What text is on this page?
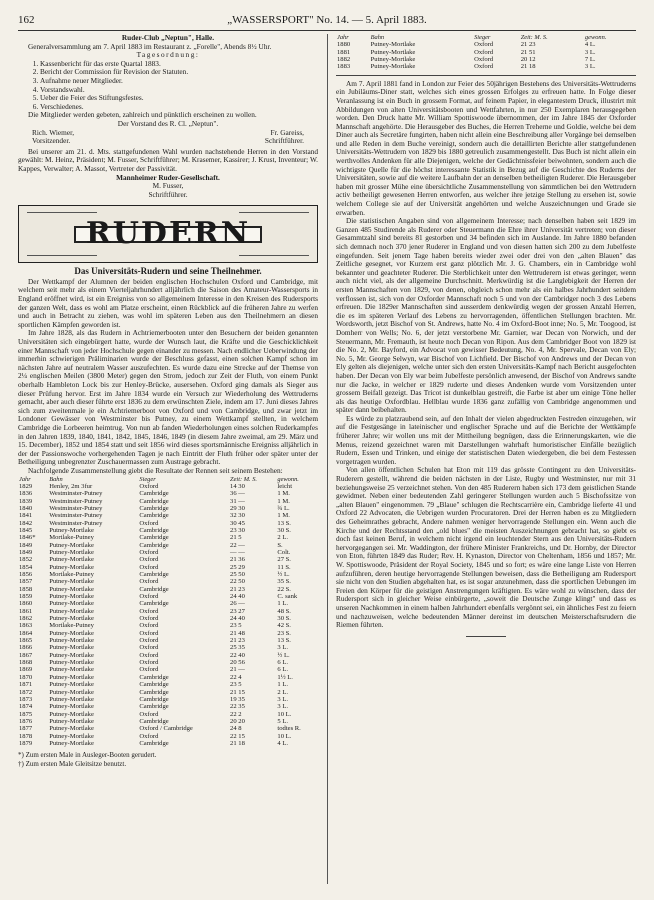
162	„WASSERSPORT" No. 14. — 5. April 1883.
Ruder-Club „Neptun", Halle.

Generalversammlung am 7. April 1883 im Restaurant z. „Forelle", Abends 8½ Uhr.

Tagesordnung:
1. Kassenbericht für das erste Quartal 1883.
2. Bericht der Commission für Revision der Statuten.
3. Aufnahme neuer Mitglieder.
4. Vorstandswahl.
5. Ueber die Feier des Stiftungsfestes.
6. Verschiedenes.

Die Mitglieder werden gebeten, zahlreich und pünktlich erscheinen zu wollen.

Der Vorstand des R. Cl. „Neptun".
Rich. Wiemer,	Fr. Gareiss,
Vorsitzender.	Schriftführer.

Bei unserer am 21. d. Mts. stattgefundenen Wahl wurden nachstehende Herren in den Vorstand gewählt: M. Heinz, Präsident; M. Fusser, Schriftführer; M. Krasemer, Kassirer; J. Krust, Inventeur; W. Kappes, Verwalter; A. Massot, Vertreter der Passivität.

Mannheimer Ruder-Gesellschaft.
M. Fusser,
Schriftführer.
RUDERN
Das Universitäts-Rudern und seine Theilnehmer.

Der Wettkampf der Alumnen der beiden englischen Hochschulen Oxford und Cambridge, mit welchem seit mehr als einem Vierteljahrhundert alljährlich die Saison des Amateur-Wassersports in England eröffnet wird, ist ein Ereigniss von so allgemeinem Interesse in den Kreisen des Rudersports der ganzen Welt, dass es wohl am Platze erscheint, einen Rückblick auf die früheren Jahre zu werfen und auch in Betracht zu ziehen, was wohl im späteren Leben aus den Theilnehmern an diesen sportlichen Kämpfen geworden ist.

Im Jahre 1828, als das Rudern in Achtriemerbooten unter den Besuchern der beiden genannten Universitäten sich eingebürgert hatte, wurde der Wunsch laut, die Kräfte und die Geschicklichkeit einer Mannschaft von jeder Hochschule gegen einander zu messen. Nach endlicher Ueberwindung der immerhin schwierigen Präliminarien wurde der Beschluss gefasst, einen solchen Kampf schon im nächsten Jahre auf neutralem Wasser auszufechten. Es wurde dazu eine Strecke auf der Themse von 2¼ englischen Meilen (3800 Meter) gegen den Strom, jedoch zur Zeit der Fluth, von einem Punkt oberhalb Hambleton Lock bis zur Henley-Brücke, ausersehen. Oxford ging damals als Sieger aus dieser Prüfung hervor. Erst im Jahre 1834 wurde ein Versuch zur Wiederholung des Wettruderns gemacht, aber auch dieser führte erst 1836 zu dem erwünschten Ziele, indem am 17. Juni dieses Jahres sich zum zweitenmale je ein Achtriemerboot von Oxford und von Cambridge, und zwar jetzt im Londoner Gewässer von Westminster bis Putney, zu einem Wettkampf stellten, in welchem Cambridge die Lorbeeren heimtrug. Von nun ab fanden Wiederholungen eines solchen Ruderkampfes in den Jahren 1839, 1840, 1841, 1842, 1845, 1846, 1849 (in diesem Jahre zweimal, am 29. März und 15. December), 1852 und 1854 statt und seit 1856 wird dieses sportsmännische Ereigniss alljährlich in der der Passionswoche vorhergehenden Tagen je nach Eintritt der Fluth früher oder später unter der Betheiligung unbegrenzter Zuschauermassen zum Austrage gebracht.

Nachfolgende Zusammenstellung giebt die Resultate der Rennen seit seinem Bestehen:

Jahr	Bahn	Sieger	Zeit: M. S.	gewonn.
1829	Henley, 2m 3fur	Oxford	14 30	leicht
1836	Westminster-Putney	Cambridge	36 —	1 M.
1839	Westminster-Putney	Cambridge	31 —	1 M.
1840	Westminster-Putney	Cambridge	29 30	¾ L.
1841	Westminster-Putney	Cambridge	32 30	1 M.
1842	Westminster-Putney	Oxford	30 45	13 S.
1845	Putney-Mortlake	Cambridge	23 30	30 S.
1846*	Mortlake-Putney	Cambridge	21 5	2 L.
1849	Putney-Mortlake	Cambridge	22 —	S.
1849	Putney-Mortlake	Oxford	— —	Colt.
1852	Putney-Mortlake	Oxford	21 36	27 S.
1854	Putney-Mortlake	Oxford	25 29	11 S.
1856	Mortlake-Putney	Cambridge	25 50	½ L.
1857	Putney-Mortlake	Oxford	22 50	35 S.
1858	Putney-Mortlake	Cambridge	21 23	22 S.
1859	Putney-Mortlake	Oxford	24 40	C. sank
1860	Putney-Mortlake	Cambridge	26 —	1 L.
1861	Putney-Mortlake	Oxford	23 27	48 S.
1862	Putney-Mortlake	Oxford	24 40	30 S.
1863	Mortlake-Putney	Oxford	23 5	42 S.
1864	Putney-Mortlake	Oxford	21 48	23 S.
1865	Putney-Mortlake	Oxford	21 23	13 S.
1866	Putney-Mortlake	Oxford	25 35	3 L.
1867	Putney-Mortlake	Oxford	22 40	½ L.
1868	Putney-Mortlake	Oxford	20 56	6 L.
1869	Putney-Mortlake	Oxford	21 —	6 L.
1870	Putney-Mortlake	Cambridge	22 4	1½ L.
1871	Putney-Mortlake	Cambridge	23 5	1 L.
1872	Putney-Mortlake	Cambridge	21 15	2 L.
1873	Putney-Mortlake	Cambridge	19 35	3 L.
1874	Putney-Mortlake	Cambridge	22 35	3 L.
1875	Putney-Mortlake	Oxford	22 2	10 L.
1876	Putney-Mortlake	Cambridge	20 20	5 L.
1877	Putney-Mortlake	Oxford / Cambridge	24 8	todtes R.
1878	Putney-Mortlake	Oxford	22 15	10 L.
1879	Putney-Mortlake	Cambridge	21 18	4 L.
*) Zum ersten Male in Ausleger-Booten gerudert.
†) Zum ersten Male Gleitsitze benutzt.
Jahr	Bahn	Sieger	Zeit: M. S.	gewonn.
1880	Putney-Mortlake	Oxford	21 23	4 L.
1881	Putney-Mortlake	Oxford	21 51	3 L.
1882	Putney-Mortlake	Oxford	20 12	7 L.
1883	Putney-Mortlake	Oxford	21 18	3 L.

Am 7. April 1881 fand in London zur Feier des 50jährigen Bestehens des Universitäts-Wettruderns ein Jubiläums-Diner statt, welches sich eines grossen Erfolges zu erfreuen hatte. In Folge dieser Veranlassung ist ein Buch in grossem Format, auf feinem Papier, in elegantestem Druck, illustrirt mit Abbildungen von alten Universitätsbooten und Wettfahrten, in nur 250 Exemplaren herausgegeben worden. Den Druck hatte Mr. William Spottiswoode übernommen, der im Jahre 1845 der Oxforder Mannschaft angehörte. Die Herausgeber des Buches, die Herren Treherne und Goldie, welche bei dem Diner auch als Secretäre fungirten, haben nicht allein eine Beschreibung aller Vorgänge bei demselben und alle Reden in dem Buche vereinigt, sondern auch die detaillirten Berichte aller stattgefundenen Universitäts-Wettrudern von 1829 bis 1880 getreulich zusammengestellt. Das Buch ist nicht allein ein werthvolles Andenken für alle Diejenigen, welche der Gedächtnissfeier beiwohnten, sondern auch die wichtigste Quelle für die höchst interessante Statistik in Bezug auf die Geschichte des Ruderns der Universitäten, sowie auf die weitere Laufbahn der an denselben betheiligten Ruderer. Die Herausgeber haben mit grosser Mühe eine übersichtliche Zusammenstellung von sämmtlichen bei den Wettrudern activ betheiligt gewesenen Herren entworfen, aus welcher ihre jetzige Stellung zu ersehen ist, sowie welchem College sie auf der Universität angehörten und welche Auszeichnungen und Grade sie erwarben.

Die statistischen Angaben sind von allgemeinem Interesse; nach denselben haben seit 1829 im Ganzen 485 Studirende als Ruderer oder Steuermann die Ehre ihrer Universität vertreten; von dieser Gesammtzahl sind bereits 81 gestorben und 34 befinden sich im Auslande. Im Jahre 1880 befanden sich demnach noch 370 jener Ruderer in England und von diesen hatten sich 200 zu dem Jubelfeste eingefunden. Seit jenem Tage haben bereits wieder zwei oder drei von den „alten Blauen" das Zeitliche gesegnet, vor Kurzem erst ganz plötzlich Mr. J. G. Chambers, ein in Cambridge wohl bekannter und geachteter Ruderer. Die Sterblichkeit unter den Wettruderern ist etwas geringer, wenn auch nicht viel, als der allgemeine Durchschnitt. Merkwürdig ist die Langlebigkeit der Herren der ersten Mannschaften von 1829, von denen, obgleich schon mehr als ein halbes Jahrhundert seitdem verflossen ist, sich von der Oxforder Mannschaft noch 5 und von der Cambridger noch 3 des Lebens erfreuen. Die 1829er Mannschaften sind ausserdem denkwürdig wegen der grossen Anzahl Herren, die es im späteren Verlauf des Lebens zu hervorragenden, öffentlichen Stellungen brachten. Mr. Wordsworth, jetzt Bischof von St. Andrews, hatte No. 4 im Oxford-Boot inne; No. 5, Mr. Toogood, ist Domherr von Wells; No. 6, der jetzt verstorbene Mr. Garnier, war Decan von Norwich, und der Steuermann, Mr. Fremauth, ist heute noch Decan von Ripon. Aus dem Cambridger Boot von 1829 ist die No. 2, Mr. Bayford, ein Advocat von gewisser Bedeutung, No. 4, Mr. Spervale, Decan von Ely; No. 5, Mr. George Selwyn, war Bischof von Lichfield. Der Bischof von Andrews und der Decan von Ely gelten als diejenigen, welche unter sich den ersten Universitäts-Kampf nach Bericht ausgefochten haben. Der Decan von Ely war beim Jubelfeste persönlich anwesend, der Bischof von Andrews sandte nur die Jacke, in welcher er 1829 ruderte und dieses Andenken wurde vom Vorsitzenden unter grossem Beifall gezeigt. Das Tricot ist dunkelblau gestreift, die Farbe ist aber um einige Töne heller als das heutige Oxfordblau. Hellblau wurde 1836 ganz zufällig von Cambridge angenommen und später dann beibehalten.

Es würde zu platzraubend sein, auf den Inhalt der vielen abgedruckten Festreden einzugehen, wir auf die Festgesänge in lateinischer und englischer Sprache und auf die Berichte der Wettkämpfe früherer Jahre; wir wollen uns mit der Mittheilung begnügen, dass die Erinnerungskarten, wie die Menus, reizend gezeichnet waren mit Darstellungen wahrhaft humoristischer Einfälle bezüglich Rudern, Essen und Trinken, und einige der statistischen Daten wiedergeben, die bei dem Festessen vorgetragen wurden.

Von allen öffentlichen Schulen hat Eton mit 119 das grösste Contingent zu den Universitäts-Ruderern gestellt, während die beiden nächsten in der Liste, Rugby und Westminster, nur mit 31 beziehungsweise 25 verzeichnet stehen. Von den 485 Ruderern haben sich 173 dem geistlichen Stande gewidmet. Neben einer bedeutenden Zahl geringerer Stellungen wurden auch 5 Bischofssitze von „alten Blauen" eingenommen. 79 „Blaue" schlugen die Rechtscarrière ein, Cambridge lieferte 41 und Oxford 22 Advocaten, die Uebrigen wurden Procuratoren. Drei der Herren haben es zu Mitgliedern des Geheimrathes gebracht, Andere nahmen weniger hervorragende Stellungen ein. Wenn auch die Kirche und der Rechtsstand den „old blues" die meisten Auszeichnungen gebracht hat, so giebt es doch fast keinen Beruf, in welchem nicht irgend ein leuchtender Stern aus den Universitäts-Rudern hervorgegangen sei. Mr. Waddington, der frühere Minister Frankreichs, und Dr. Hornby, der Director von Eton, führten 1849 das Ruder; Rev. H. Kynaston, Director von Cheltenham, 1856 und 1857; Mr. W. Spottiswoode, Präsident der Royal Society, 1845 und so fort; es wäre eine lange Liste von Herren aufzuführen, deren heutige hervorragende Stellungen beweisen, dass die Betheiligung am Rudersport sie nicht von den Studien abgehalten hat, es ist sogar anzunehmen, dass die sportlichen Uebungen im Freien den Körper für die geistigen Anstrengungen kräftigten. Es wäre wohl zu wünschen, dass der Rudersport sich in gleicher Weise einbürgerte, „soweit die Deutsche Zunge klingt" und dass es unseren Nachkommen in einem halben Jahrhundert ebenfalls vergönnt sei, ein ähnliches Fest zu feiern und nachzuweisen, welche bedeutenden Männer dereinst im deutschen Meisterschaftsrudern die Riemen führten.
